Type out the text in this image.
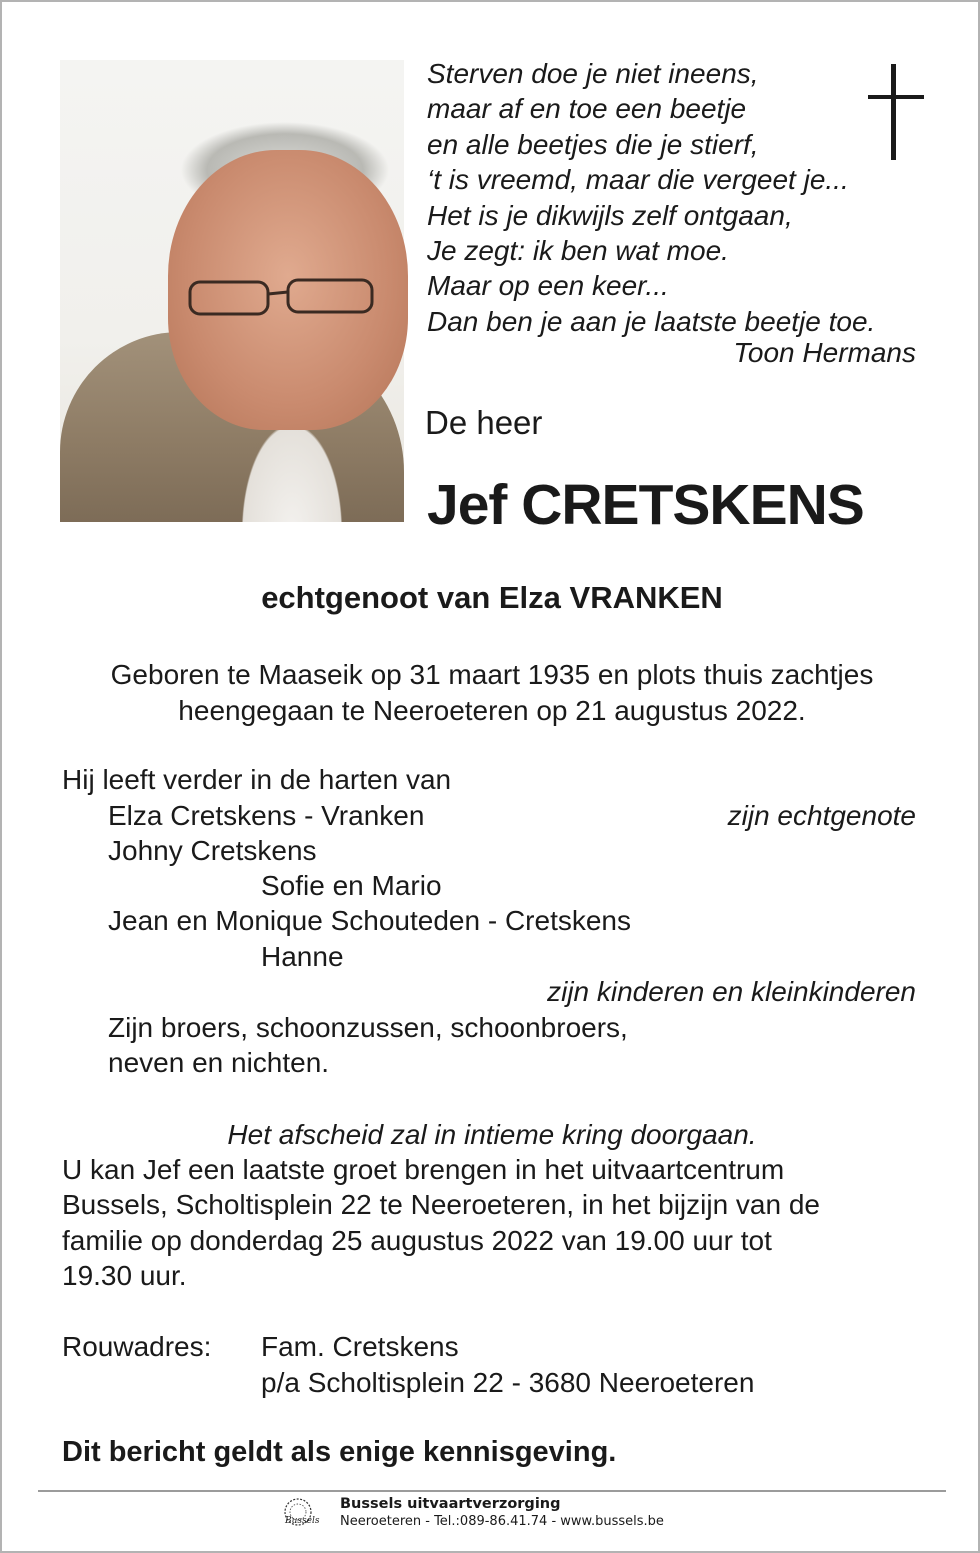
Sterven doe je niet ineens,
maar af en toe een beetje
en alle beetjes die je stierf,
‘t is vreemd, maar die vergeet je...
Het is je dikwijls zelf ontgaan,
Je zegt: ik ben wat moe.
Maar op een keer...
Dan ben je aan je laatste beetje toe.
Toon Hermans
De heer
Jef CRETSKENS
echtgenoot van Elza VRANKEN
Geboren te Maaseik op 31 maart 1935 en plots thuis zachtjes
heengegaan te Neeroeteren op 21 augustus 2022.
Hij leeft verder in de harten van
Elza Cretskens - Vranken	zijn echtgenote
Johny Cretskens
Sofie en Mario
Jean en Monique Schouteden - Cretskens
Hanne
zijn kinderen en kleinkinderen
Zijn broers, schoonzussen, schoonbroers,
neven en nichten.
Het afscheid zal in intieme kring doorgaan.
U kan Jef een laatste groet brengen in het uitvaartcentrum
Bussels, Scholtisplein 22 te Neeroeteren, in het bijzijn van de
familie op donderdag 25 augustus 2022 van 19.00 uur tot
19.30 uur.
Rouwadres: Fam. Cretskens
p/a Scholtisplein 22 - 3680 Neeroeteren
Dit bericht geldt als enige kennisgeving.
Bussels
Bussels uitvaartverzorging
Neeroeteren - Tel.:089-86.41.74 - www.bussels.be
